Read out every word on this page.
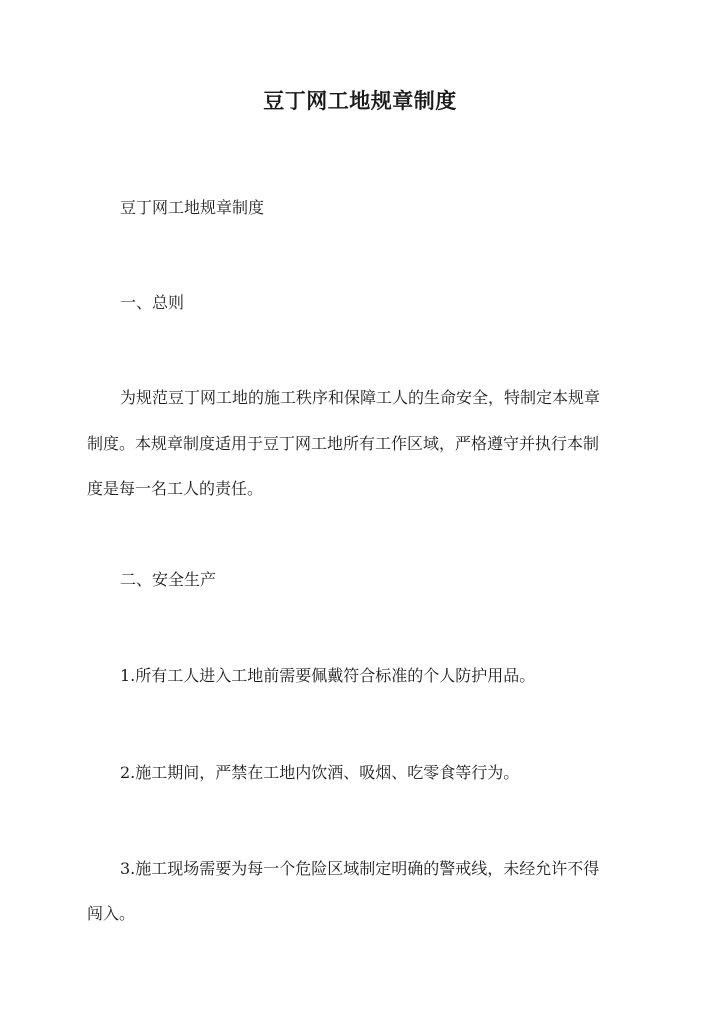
豆丁网工地规章制度
豆丁网工地规章制度
一、总则
为规范豆丁网工地的施工秩序和保障工人的生命安全，特制定本规章
制度。本规章制度适用于豆丁网工地所有工作区域，严格遵守并执行本制
度是每一名工人的责任。
二、安全生产
1.所有工人进入工地前需要佩戴符合标准的个人防护用品。
2.施工期间，严禁在工地内饮酒、吸烟、吃零食等行为。
3.施工现场需要为每一个危险区域制定明确的警戒线，未经允许不得
闯入。
